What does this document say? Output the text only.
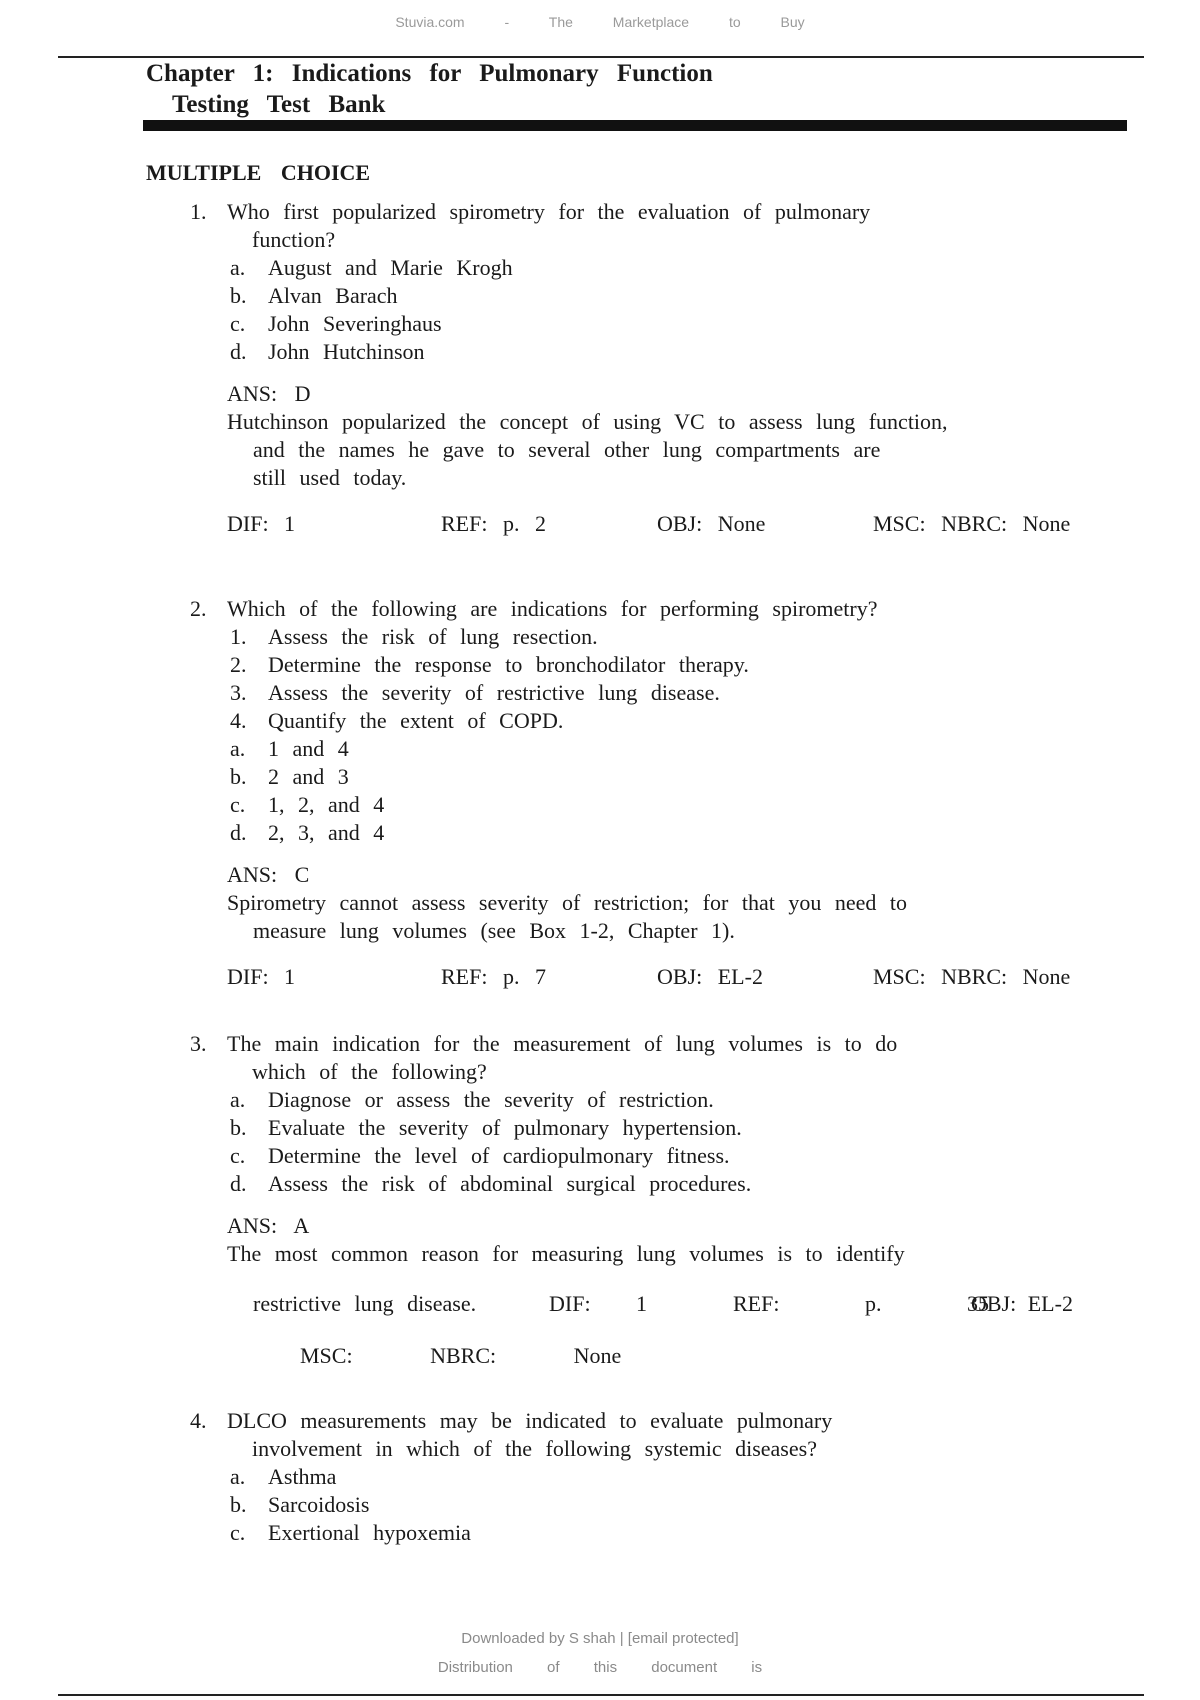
Stuvia.com - The Marketplace to Buy
Chapter 1: Indications for Pulmonary Function
Testing Test Bank
MULTIPLE CHOICE
1. Who first popularized spirometry for the evaluation of pulmonary
function?
a. August and Marie Krogh
b. Alvan Barach
c. John Severinghaus
d. John Hutchinson
ANS: D
Hutchinson popularized the concept of using VC to assess lung function,
and the names he gave to several other lung compartments are
still used today.
DIF: 1	REF: p. 2	OBJ: None	MSC: NBRC: None
2. Which of the following are indications for performing spirometry?
1. Assess the risk of lung resection.
2. Determine the response to bronchodilator therapy.
3. Assess the severity of restrictive lung disease.
4. Quantify the extent of COPD.
a. 1 and 4
b. 2 and 3
c. 1, 2, and 4
d. 2, 3, and 4
ANS: C
Spirometry cannot assess severity of restriction; for that you need to
measure lung volumes (see Box 1-2, Chapter 1).
DIF: 1	REF: p. 7	OBJ: EL-2	MSC: NBRC: None
3. The main indication for the measurement of lung volumes is to do
which of the following?
a. Diagnose or assess the severity of restriction.
b. Evaluate the severity of pulmonary hypertension.
c. Determine the level of cardiopulmonary fitness.
d. Assess the risk of abdominal surgical procedures.
ANS: A
The most common reason for measuring lung volumes is to identify
restrictive lung disease.	DIF: 1	REF: p. 35
OBJ: EL-2
MSC: NBRC: None
4. DLCO measurements may be indicated to evaluate pulmonary
involvement in which of the following systemic diseases?
a. Asthma
b. Sarcoidosis
c. Exertional hypoxemia
Downloaded by S shah | [email protected]
Distribution of this document is
